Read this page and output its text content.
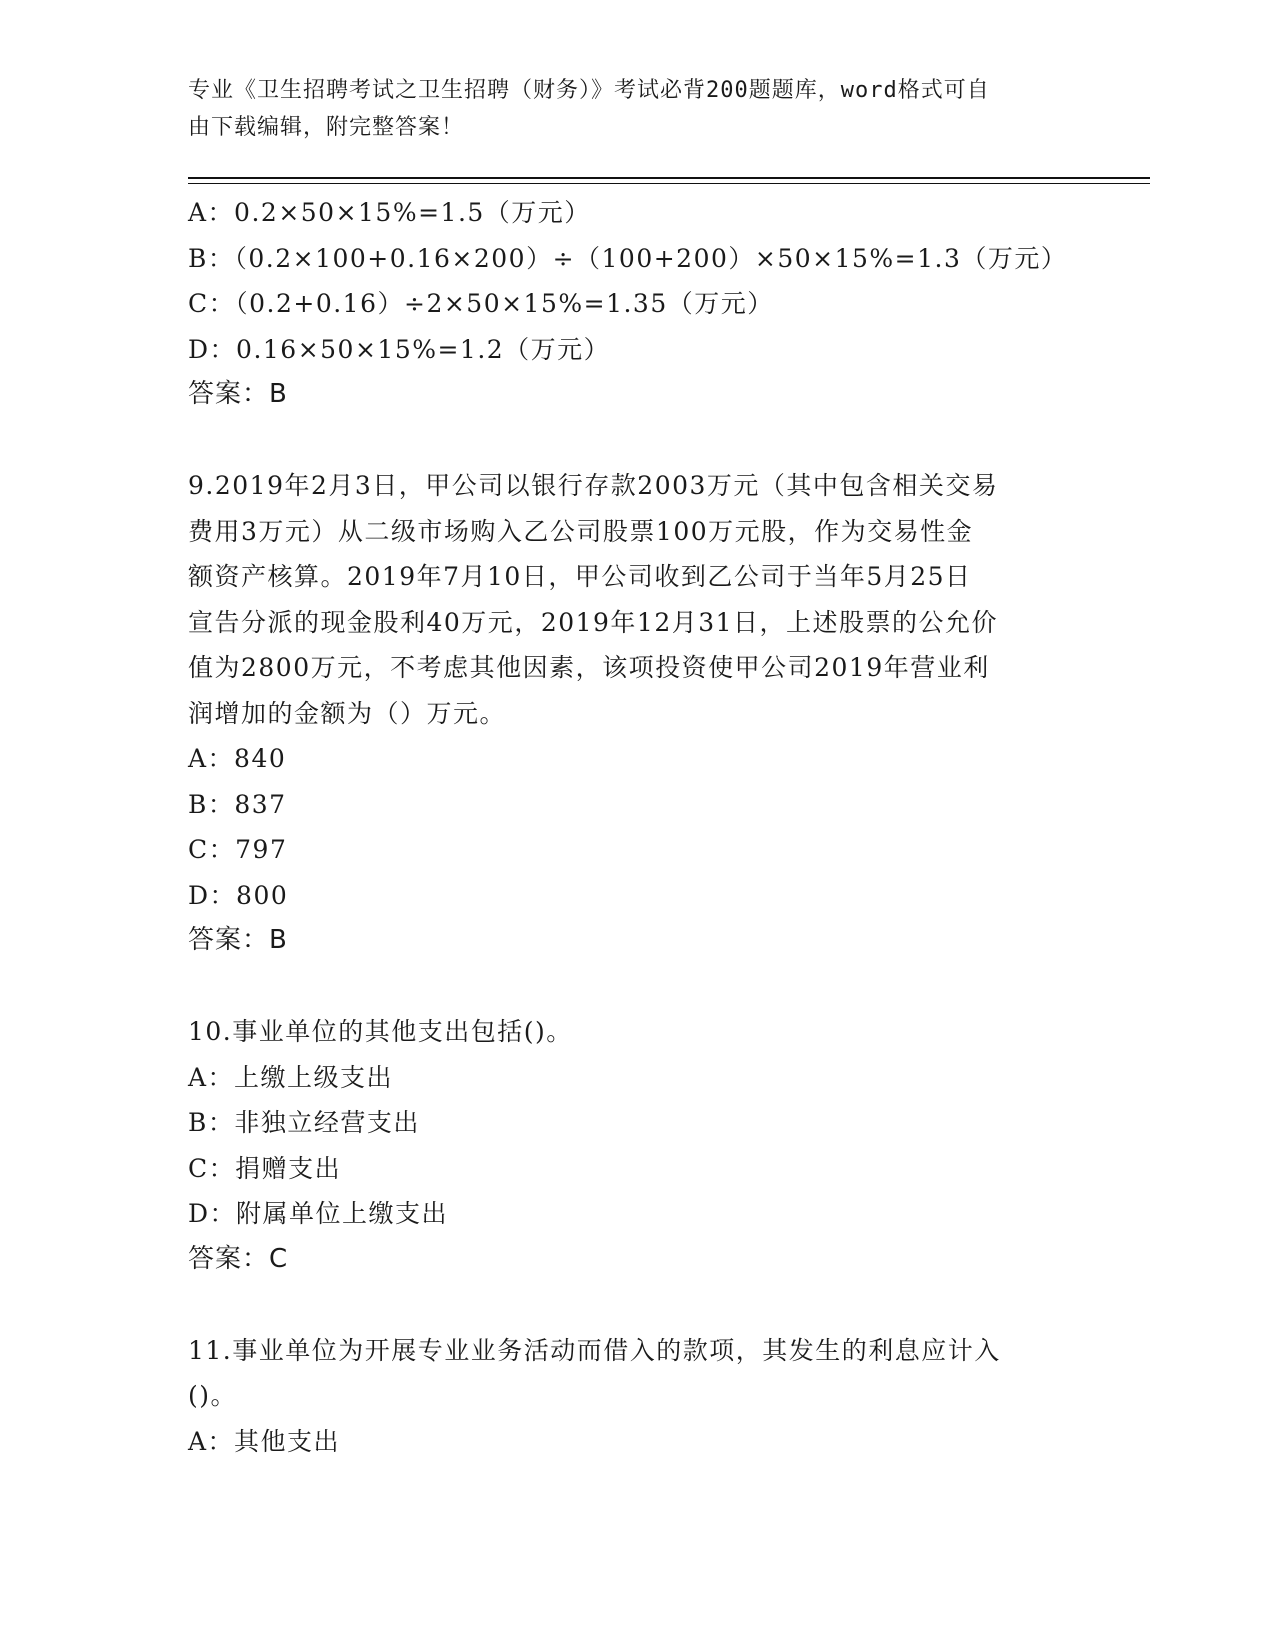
专业《卫生招聘考试之卫生招聘（财务）》考试必背200题题库，word格式可自
由下载编辑，附完整答案！
A：0.2×50×15%=1.5（万元）
B：（0.2×100+0.16×200）÷（100+200）×50×15%=1.3（万元）
C：（0.2+0.16）÷2×50×15%=1.35（万元）
D：0.16×50×15%=1.2（万元）
答案：B
9.2019年2月3日，甲公司以银行存款2003万元（其中包含相关交易
费用3万元）从二级市场购入乙公司股票100万元股，作为交易性金
额资产核算。2019年7月10日，甲公司收到乙公司于当年5月25日
宣告分派的现金股利40万元，2019年12月31日，上述股票的公允价
值为2800万元，不考虑其他因素，该项投资使甲公司2019年营业利
润增加的金额为（）万元。
A：840
B：837
C：797
D：800
答案：B
10.事业单位的其他支出包括()。
A：上缴上级支出
B：非独立经营支出
C：捐赠支出
D：附属单位上缴支出
答案：C
11.事业单位为开展专业业务活动而借入的款项，其发生的利息应计入
()。
A：其他支出
